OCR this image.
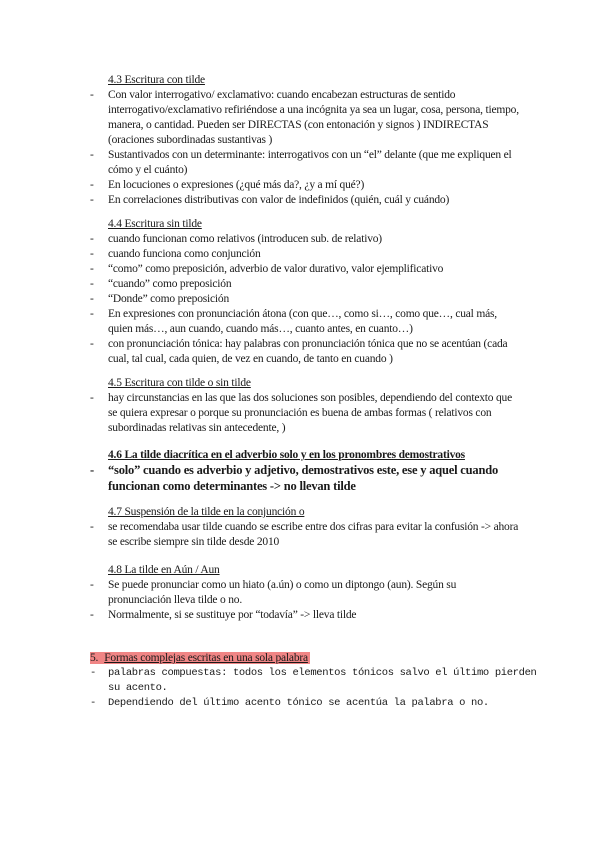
4.3 Escritura con tilde
- Con valor interrogativo/ exclamativo: cuando encabezan estructuras de sentido interrogativo/exclamativo refiriéndose a una incógnita ya sea un lugar, cosa, persona, tiempo, manera, o cantidad. Pueden ser DIRECTAS (con entonación y signos ) INDIRECTAS (oraciones subordinadas sustantivas )
- Sustantivados con un determinante: interrogativos con un “el” delante (que me expliquen el cómo y el cuánto)
- En locuciones o expresiones (¿qué más da?, ¿y a mí qué?)
- En correlaciones distributivas con valor de indefinidos (quién, cuál y cuándo)
4.4 Escritura sin tilde
- cuando funcionan como relativos (introducen sub. de relativo)
- cuando funciona como conjunción
- “como” como preposición, adverbio de valor durativo, valor ejemplificativo
- “cuando” como preposición
- “Donde” como preposición
- En expresiones con pronunciación átona (con que…, como si…, como que…, cual más, quien más…, aun cuando, cuando más…, cuanto antes, en cuanto…)
- con pronunciación tónica: hay palabras con pronunciación tónica que no se acentúan (cada cual, tal cual, cada quien, de vez en cuando, de tanto en cuando )
4.5 Escritura con tilde o sin tilde
- hay circunstancias en las que las dos soluciones son posibles, dependiendo del contexto que se quiera expresar o porque su pronunciación es buena de ambas formas ( relativos con subordinadas relativas sin antecedente, )
4.6 La tilde diacrítica en el adverbio solo y en los pronombres demostrativos
- “solo” cuando es adverbio y adjetivo, demostrativos este, ese y aquel cuando funcionan como determinantes -> no llevan tilde
4.7 Suspensión de la tilde en la conjunción o
- se recomendaba usar tilde cuando se escribe entre dos cifras para evitar la confusión -> ahora se escribe siempre sin tilde desde 2010
4.8 La tilde en Aún / Aun
- Se puede pronunciar como un hiato (a.ún) o como un diptongo (aun). Según su pronunciación lleva tilde o no.
- Normalmente, si se sustituye por “todavía” -> lleva tilde
5. Formas complejas escritas en una sola palabra
- palabras compuestas: todos los elementos tónicos salvo el último pierden su acento.
- Dependiendo del último acento tónico se acentúa la palabra o no.
